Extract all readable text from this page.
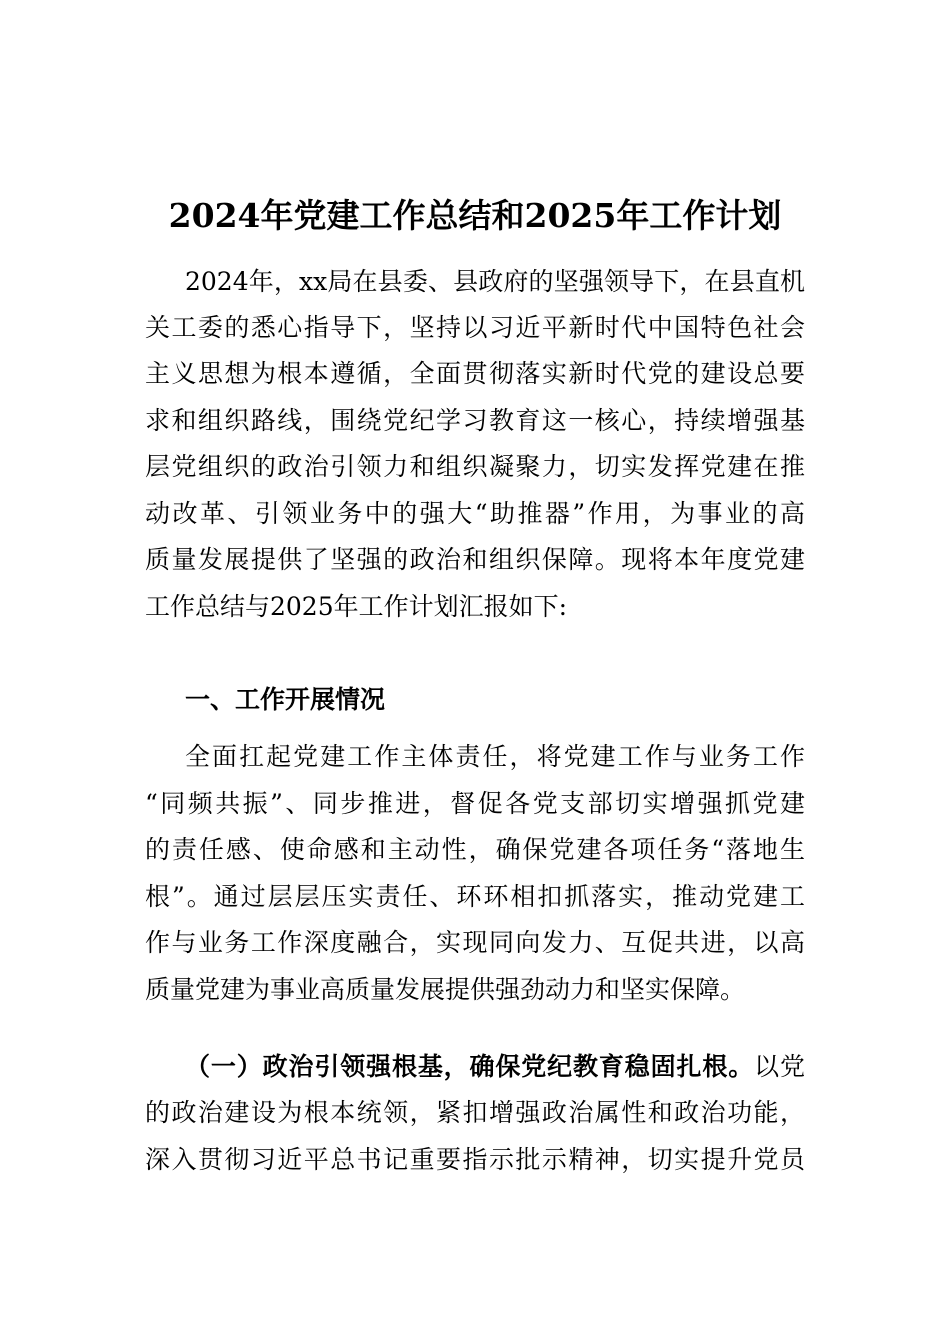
2024年党建工作总结和2025年工作计划
2024年，xx局在县委、县政府的坚强领导下，在县直机
关工委的悉心指导下，坚持以习近平新时代中国特色社会
主义思想为根本遵循，全面贯彻落实新时代党的建设总要
求和组织路线，围绕党纪学习教育这一核心，持续增强基
层党组织的政治引领力和组织凝聚力，切实发挥党建在推
动改革、引领业务中的强大“助推器”作用，为事业的高
质量发展提供了坚强的政治和组织保障。现将本年度党建
工作总结与2025年工作计划汇报如下:
一、工作开展情况
全面扛起党建工作主体责任，将党建工作与业务工作
“同频共振”、同步推进，督促各党支部切实增强抓党建
的责任感、使命感和主动性，确保党建各项任务“落地生
根”。通过层层压实责任、环环相扣抓落实，推动党建工
作与业务工作深度融合，实现同向发力、互促共进，以高
质量党建为事业高质量发展提供强劲动力和坚实保障。
（一）政治引领强根基，确保党纪教育稳固扎根。以党
的政治建设为根本统领，紧扣增强政治属性和政治功能，
深入贯彻习近平总书记重要指示批示精神，切实提升党员
